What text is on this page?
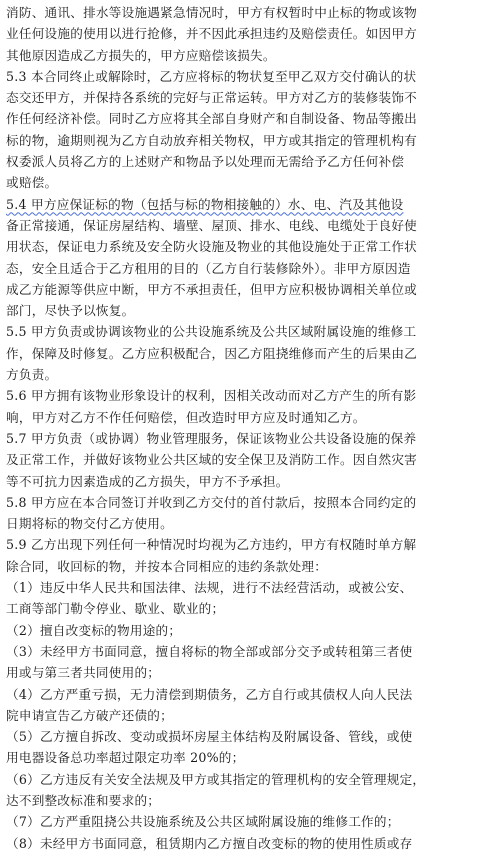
消防、通讯、排水等设施遇紧急情况时，甲方有权暂时中止标的物或该物
业任何设施的使用以进行抢修，并不因此承担违约及赔偿责任。如因甲方
其他原因造成乙方损失的，甲方应赔偿该损失。
5.3 本合同终止或解除时，乙方应将标的物状复至甲乙双方交付确认的状
态交还甲方，并保持各系统的完好与正常运转。甲方对乙方的装修装饰不
作任何经济补偿。同时乙方应将其全部自身财产和自制设备、物品等搬出
标的物，逾期则视为乙方自动放弃相关物权，甲方或其指定的管理机构有
权委派人员将乙方的上述财产和物品予以处理而无需给予乙方任何补偿
或赔偿。
5.4 甲方应保证标的物（包括与标的物相接触的）水、电、汽及其他设
备正常接通，保证房屋结构、墙壁、屋顶、排水、电线、电缆处于良好使
用状态，保证电力系统及安全防火设施及物业的其他设施处于正常工作状
态，安全且适合于乙方租用的目的（乙方自行装修除外）。非甲方原因造
成乙方能源等供应中断，甲方不承担责任，但甲方应积极协调相关单位或
部门，尽快予以恢复。
5.5 甲方负责或协调该物业的公共设施系统及公共区域附属设施的维修工
作，保障及时修复。乙方应积极配合，因乙方阻挠维修而产生的后果由乙
方负责。
5.6 甲方拥有该物业形象设计的权利，因相关改动而对乙方产生的所有影
响，甲方对乙方不作任何赔偿，但改造时甲方应及时通知乙方。
5.7 甲方负责（或协调）物业管理服务，保证该物业公共设备设施的保养
及正常工作，并做好该物业公共区域的安全保卫及消防工作。因自然灾害
等不可抗力因素造成的乙方损失，甲方不予承担。
5.8 甲方应在本合同签订并收到乙方交付的首付款后，按照本合同约定的
日期将标的物交付乙方使用。
5.9 乙方出现下列任何一种情况时均视为乙方违约，甲方有权随时单方解
除合同，收回标的物，并按本合同相应的违约条款处理：
（1）违反中华人民共和国法律、法规，进行不法经营活动，或被公安、
工商等部门勒令停业、歇业、歇业的；
（2）擅自改变标的物用途的；
（3）未经甲方书面同意，擅自将标的物全部或部分交予或转租第三者使
用或与第三者共同使用的；
（4）乙方严重亏损，无力清偿到期债务，乙方自行或其债权人向人民法
院申请宣告乙方破产还债的；
（5）乙方擅自拆改、变动或损坏房屋主体结构及附属设备、管线，或使
用电器设备总功率超过限定功率 20%的；
（6）乙方违反有关安全法规及甲方或其指定的管理机构的安全管理规定，
达不到整改标准和要求的；
（7）乙方严重阻挠公共设施系统及公共区域附属设施的维修工作的；
（8）未经甲方书面同意，租赁期内乙方擅自改变标的物的使用性质或存
